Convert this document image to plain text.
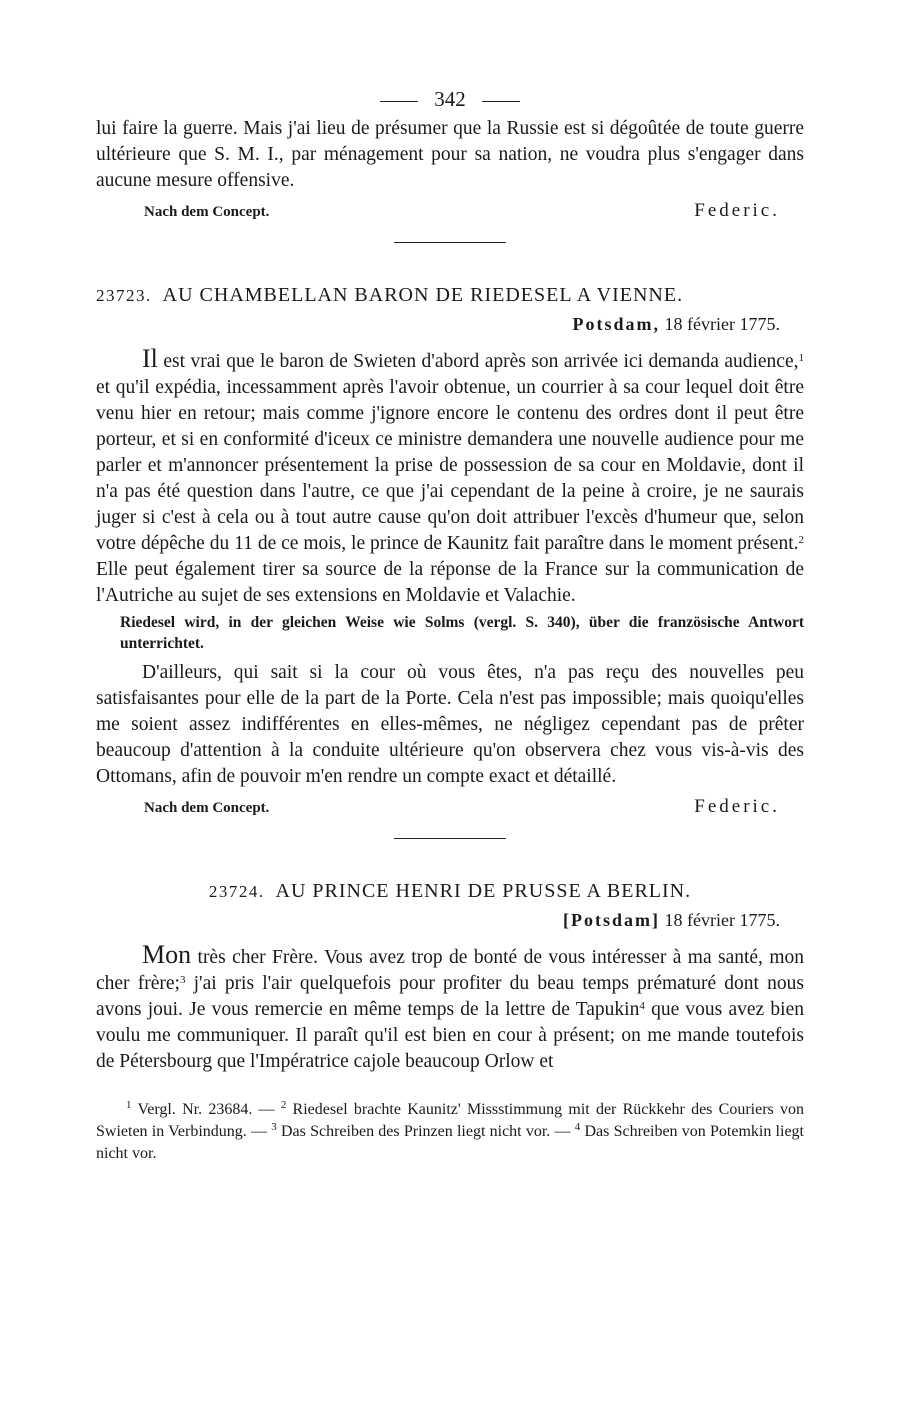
342

lui faire la guerre. Mais j'ai lieu de présumer que la Russie est si dégoûtée de toute guerre ultérieure que S. M. I., par ménagement pour sa nation, ne voudra plus s'engager dans aucune mesure offensive.

Nach dem Concept.	Federic.
23723. AU CHAMBELLAN BARON DE RIEDESEL A VIENNE.
Potsdam, 18 février 1775.

Il est vrai que le baron de Swieten d'abord après son arrivée ici demanda audience,$^1$ et qu'il expédia, incessamment après l'avoir obtenue, un courrier à sa cour lequel doit être venu hier en retour; mais comme j'ignore encore le contenu des ordres dont il peut être porteur, et si en conformité d'iceux ce ministre demandera une nouvelle audience pour me parler et m'annoncer présentement la prise de possession de sa cour en Moldavie, dont il n'a pas été question dans l'autre, ce que j'ai cependant de la peine à croire, je ne saurais juger si c'est à cela ou à tout autre cause qu'on doit attribuer l'excès d'humeur que, selon votre dépêche du 11 de ce mois, le prince de Kaunitz fait paraître dans le moment présent.$^2$ Elle peut également tirer sa source de la réponse de la France sur la communication de l'Autriche au sujet de ses extensions en Moldavie et Valachie.

Riedesel wird, in der gleichen Weise wie Solms (vergl. S. 340), über die französische Antwort unterrichtet.

D'ailleurs, qui sait si la cour où vous êtes, n'a pas reçu des nouvelles peu satisfaisantes pour elle de la part de la Porte. Cela n'est pas impossible; mais quoiqu'elles me soient assez indifférentes en elles-mêmes, ne négligez cependant pas de prêter beaucoup d'attention à la conduite ultérieure qu'on observera chez vous vis-à-vis des Ottomans, afin de pouvoir m'en rendre un compte exact et détaillé.

Nach dem Concept.	Federic.
23724. AU PRINCE HENRI DE PRUSSE A BERLIN.
[Potsdam] 18 février 1775.

Mon très cher Frère. Vous avez trop de bonté de vous intéresser à ma santé, mon cher frère;$^3$ j'ai pris l'air quelquefois pour profiter du beau temps prématuré dont nous avons joui. Je vous remercie en même temps de la lettre de Tapukin$^4$ que vous avez bien voulu me communiquer. Il paraît qu'il est bien en cour à présent; on me mande toutefois de Pétersbourg que l'Impératrice cajole beaucoup Orlow et

$^1$ Vergl. Nr. 23684. — $^2$ Riedesel brachte Kaunitz' Missstimmung mit der Rückkehr des Couriers von Swieten in Verbindung. — $^3$ Das Schreiben des Prinzen liegt nicht vor. — $^4$ Das Schreiben von Potemkin liegt nicht vor.
